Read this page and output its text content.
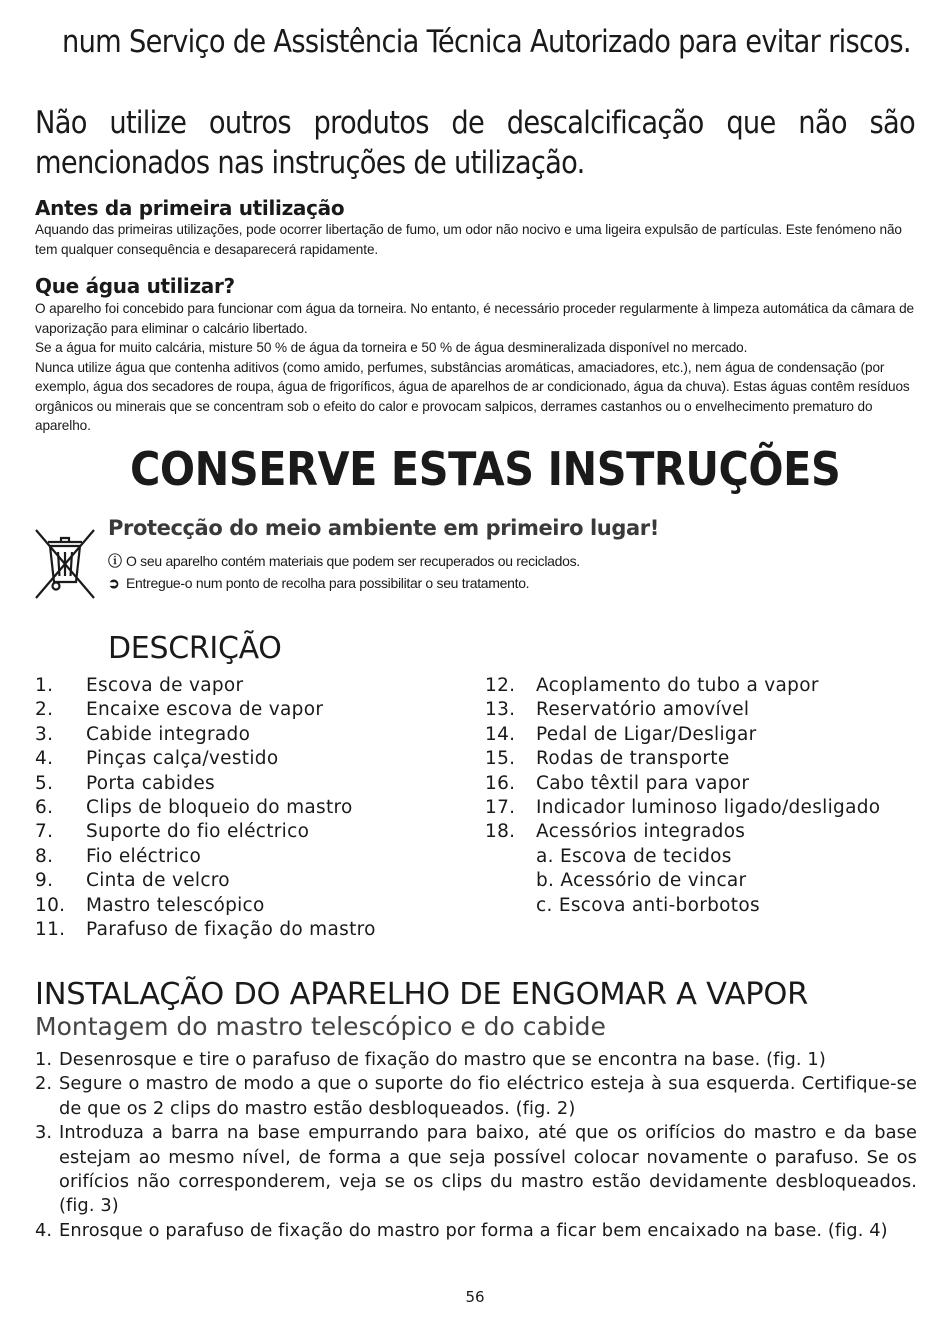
num Serviço de Assistência Técnica Autorizado para evitar riscos.
Não utilize outros produtos de descalcificação que não são mencionados nas instruções de utilização.
Antes da primeira utilização

Aquando das primeiras utilizações, pode ocorrer libertação de fumo, um odor não nocivo e uma ligeira expulsão de partículas. Este fenómeno não tem qualquer consequência e desaparecerá rapidamente.

Que água utilizar?

O aparelho foi concebido para funcionar com água da torneira. No entanto, é necessário proceder regularmente à limpeza automática da câmara de vaporização para eliminar o calcário libertado.

Se a água for muito calcária, misture 50 % de água da torneira e 50 % de água desmineralizada disponível no mercado.

Nunca utilize água que contenha aditivos (como amido, perfumes, substâncias aromáticas, amaciadores, etc.), nem água de condensação (por exemplo, água dos secadores de roupa, água de frigoríficos, água de aparelhos de ar condicionado, água da chuva). Estas águas contêm resíduos orgânicos ou minerais que se concentram sob o efeito do calor e provocam salpicos, derrames castanhos ou o envelhecimento prematuro do aparelho.

CONSERVE ESTAS INSTRUÇÕES
Protecção do meio ambiente em primeiro lugar!
ⓘ O seu aparelho contém materiais que podem ser recuperados ou reciclados.
➲ Entregue-o num ponto de recolha para possibilitar o seu tratamento.
DESCRIÇÃO
1. Escova de vapor
2. Encaixe escova de vapor
3. Cabide integrado
4. Pinças calça/vestido
5. Porta cabides
6. Clips de bloqueio do mastro
7. Suporte do fio eléctrico
8. Fio eléctrico
9. Cinta de velcro
10. Mastro telescópico
11. Parafuso de fixação do mastro
12. Acoplamento do tubo a vapor
13. Reservatório amovível
14. Pedal de Ligar/Desligar
15. Rodas de transporte
16. Cabo têxtil para vapor
17. Indicador luminoso ligado/desligado
18. Acessórios integrados
a. Escova de tecidos
b. Acessório de vincar
c. Escova anti-borbotos
INSTALAÇÃO DO APARELHO DE ENGOMAR A VAPOR
Montagem do mastro telescópico e do cabide
1. Desenrosque e tire o parafuso de fixação do mastro que se encontra na base. (fig. 1)
2. Segure o mastro de modo a que o suporte do fio eléctrico esteja à sua esquerda. Certifique-se de que os 2 clips do mastro estão desbloqueados. (fig. 2)
3. Introduza a barra na base empurrando para baixo, até que os orifícios do mastro e da base estejam ao mesmo nível, de forma a que seja possível colocar novamente o parafuso. Se os orifícios não corresponderem, veja se os clips du mastro estão devidamente desbloqueados. (fig. 3)
4. Enrosque o parafuso de fixação do mastro por forma a ficar bem encaixado na base. (fig. 4)
56
